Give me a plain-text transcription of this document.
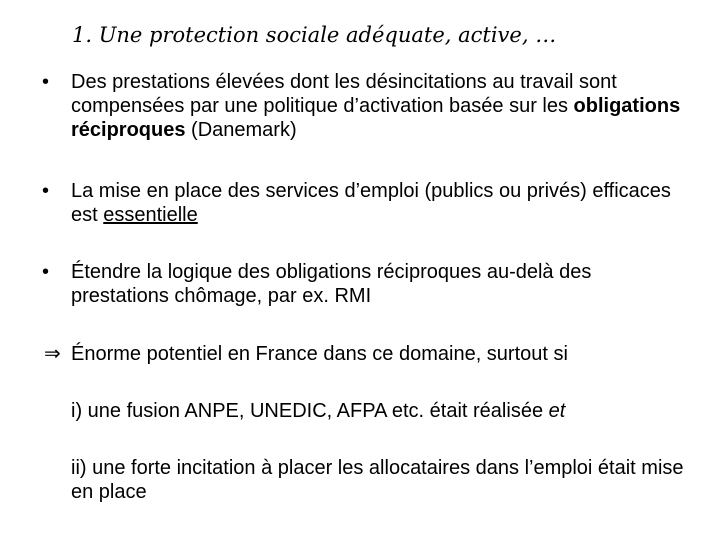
1. Une protection sociale adéquate, active, …
• Des prestations élevées dont les désincitations au travail sont compensées par une politique d’activation basée sur les obligations réciproques (Danemark)
• La mise en place des services d’emploi (publics ou privés) efficaces est essentielle
• Étendre la logique des obligations réciproques au-delà des prestations chômage, par ex. RMI
⇒ Énorme potentiel en France dans ce domaine, surtout si
i) une fusion ANPE, UNEDIC, AFPA etc. était réalisée et
ii) une forte incitation à placer les allocataires dans l’emploi était mise en place
